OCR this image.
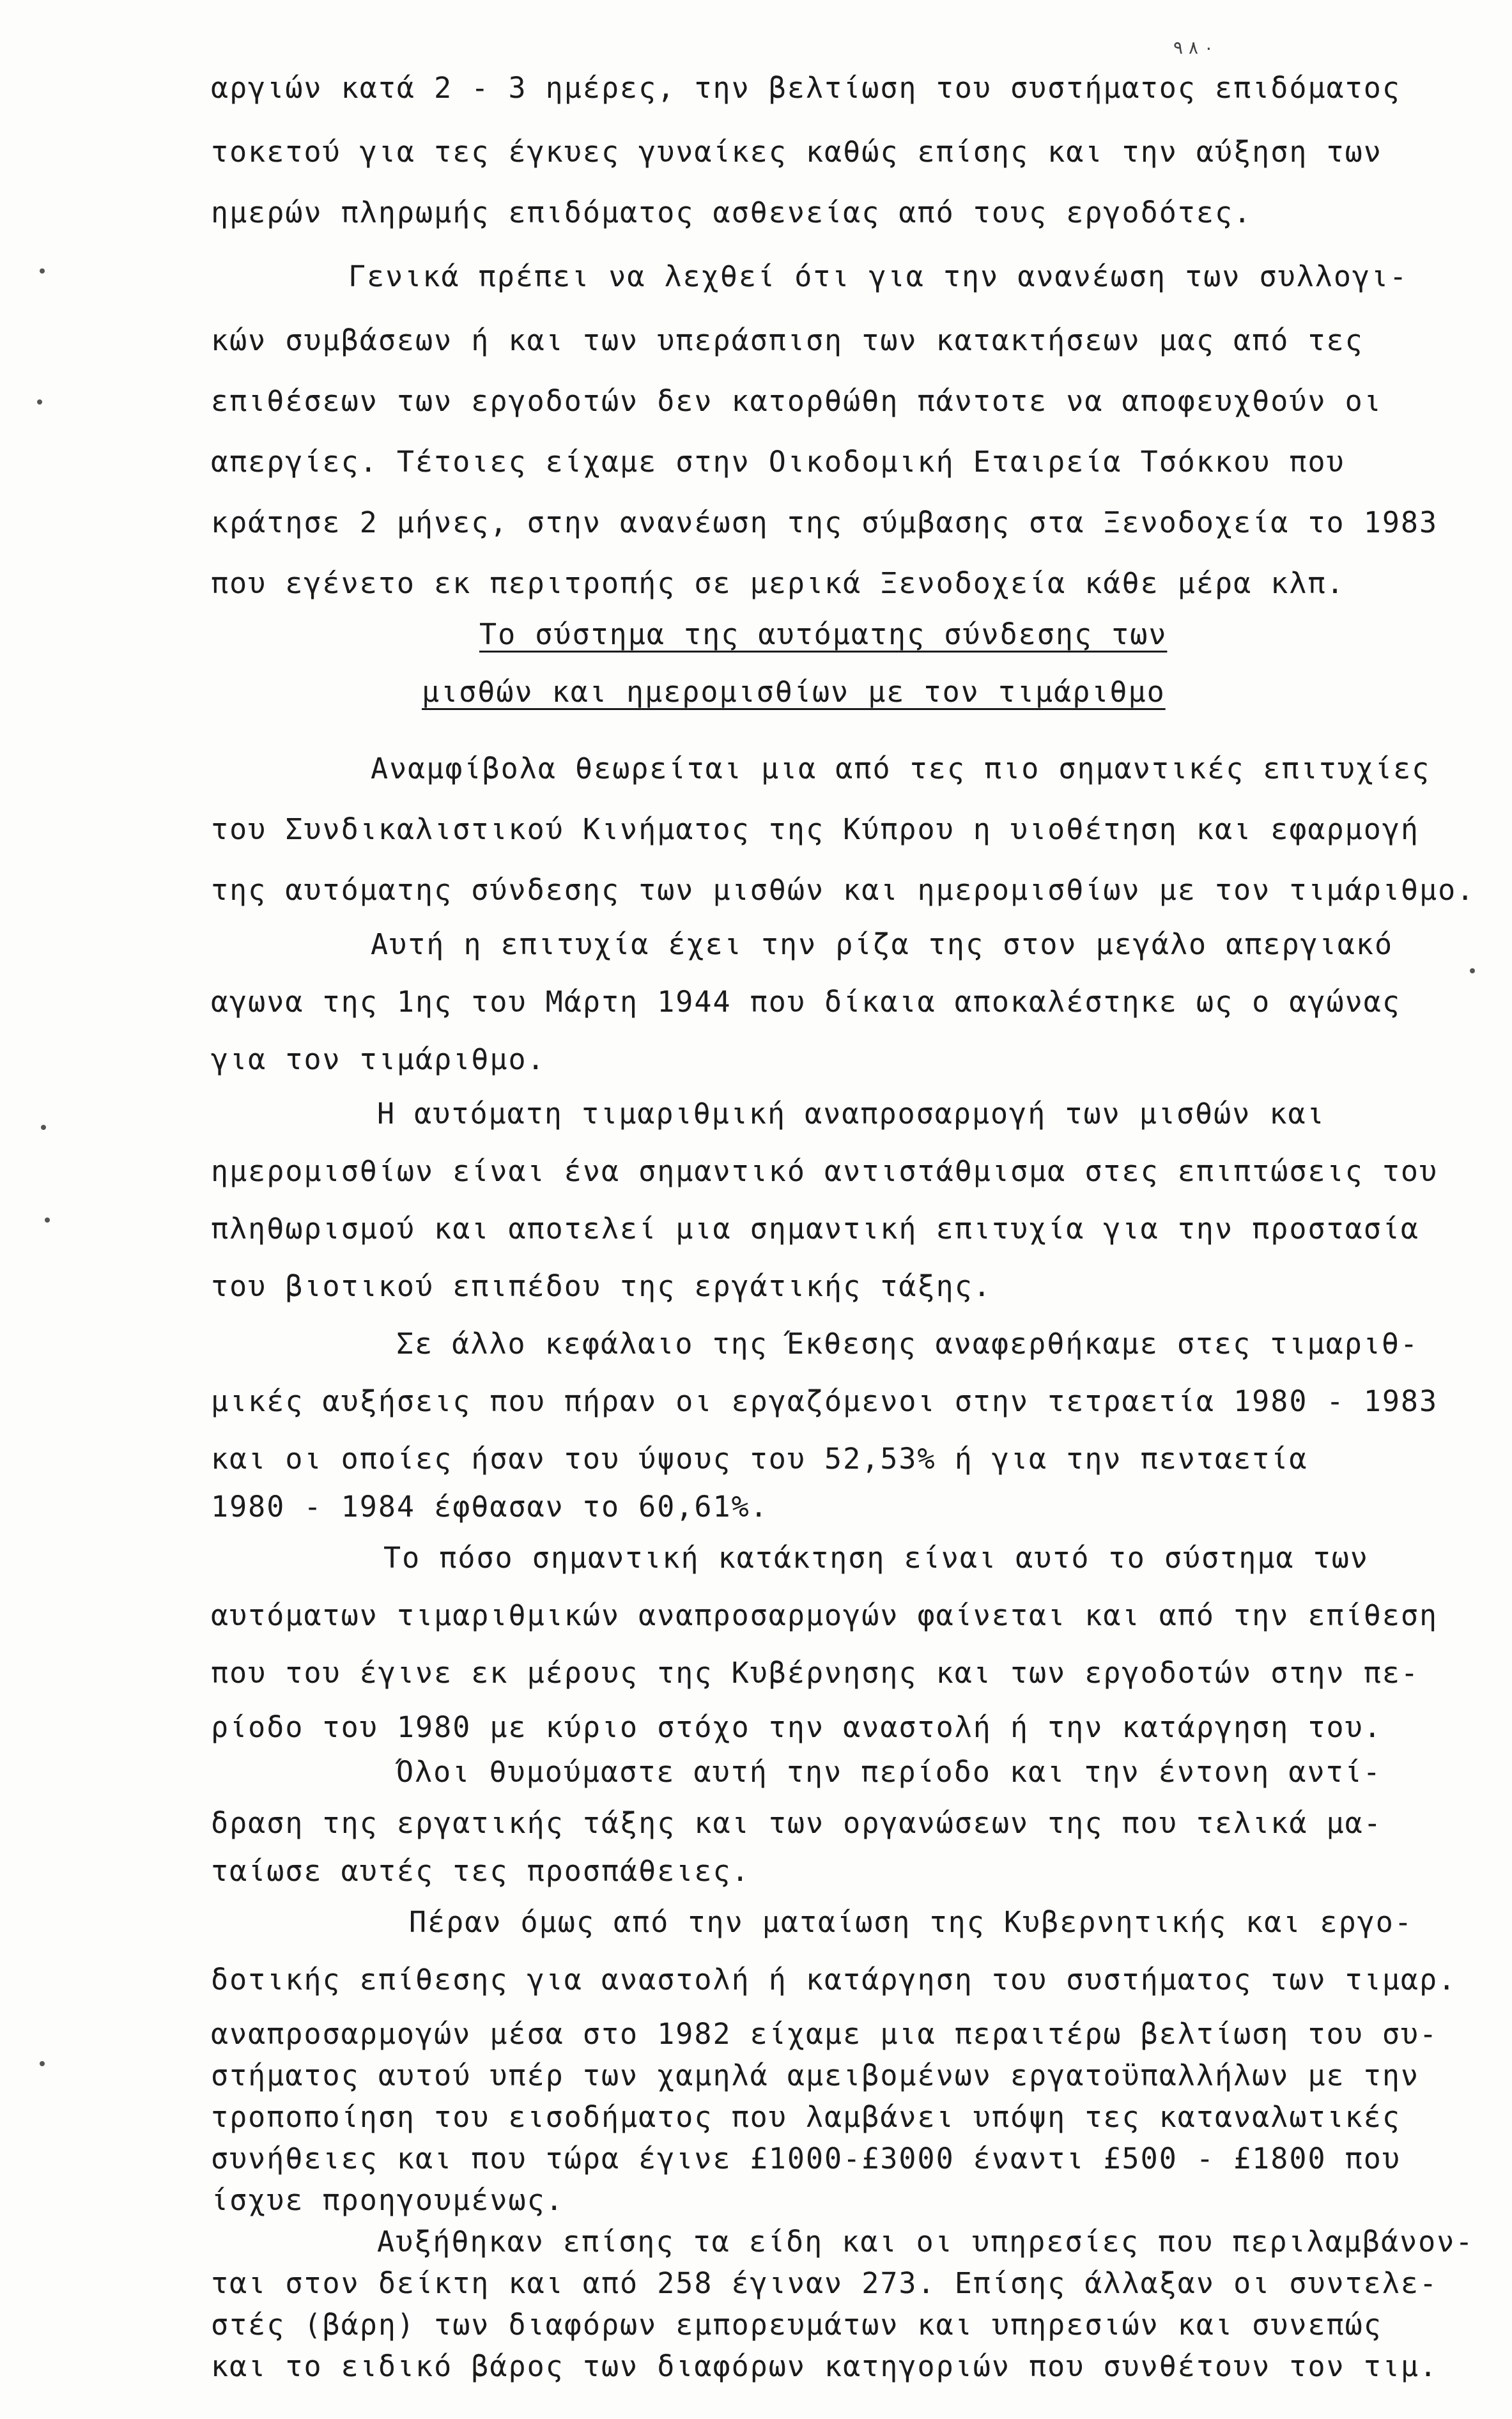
۹ ۸ ۰
αργιών κατά 2 - 3 ημέρες, την βελτίωση του συστήματος επιδόματος
τοκετού για τες έγκυες γυναίκες καθώς επίσης και την αύξηση των
ημερών πληρωμής επιδόματος ασθενείας από τους εργοδότες.
Γενικά πρέπει να λεχθεί ότι για την ανανέωση των συλλογι-
κών συμβάσεων ή και των υπεράσπιση των κατακτήσεων μας από τες
επιθέσεων των εργοδοτών δεν κατορθώθη πάντοτε να αποφευχθούν οι
απεργίες. Τέτοιες είχαμε στην Οικοδομική Εταιρεία Τσόκκου που
κράτησε 2 μήνες, στην ανανέωση της σύμβασης στα Ξενοδοχεία το 1983
που εγένετο εκ περιτροπής σε μερικά Ξενοδοχεία κάθε μέρα κλπ.
Το σύστημα της αυτόματης σύνδεσης των
μισθών και ημερομισθίων με τον τιμάριθμο
Αναμφίβολα θεωρείται μια από τες πιο σημαντικές επιτυχίες
του Συνδικαλιστικού Κινήματος της Κύπρου η υιοθέτηση και εφαρμογή
της αυτόματης σύνδεσης των μισθών και ημερομισθίων με τον τιμάριθμο.
Αυτή η επιτυχία έχει την ρίζα της στον μεγάλο απεργιακό
αγωνα της 1ης του Μάρτη 1944 που δίκαια αποκαλέστηκε ως ο αγώνας
για τον τιμάριθμο.
Η αυτόματη τιμαριθμική αναπροσαρμογή των μισθών και
ημερομισθίων είναι ένα σημαντικό αντιστάθμισμα στες επιπτώσεις του
πληθωρισμού και αποτελεί μια σημαντική επιτυχία για την προστασία
του βιοτικού επιπέδου της εργάτικής τάξης.
Σε άλλο κεφάλαιο της Έκθεσης αναφερθήκαμε στες τιμαριθ-
μικές αυξήσεις που πήραν οι εργαζόμενοι στην τετραετία 1980 - 1983
και οι οποίες ήσαν του ύψους του 52,53% ή για την πενταετία
1980 - 1984 έφθασαν το 60,61%.
Το πόσο σημαντική κατάκτηση είναι αυτό το σύστημα των
αυτόματων τιμαριθμικών αναπροσαρμογών φαίνεται και από την επίθεση
που του έγινε εκ μέρους της Κυβέρνησης και των εργοδοτών στην πε-
ρίοδο του 1980 με κύριο στόχο την αναστολή ή την κατάργηση του.
Όλοι θυμούμαστε αυτή την περίοδο και την έντονη αντί-
δραση της εργατικής τάξης και των οργανώσεων της που τελικά μα-
ταίωσε αυτές τες προσπάθειες.
Πέραν όμως από την ματαίωση της Κυβερνητικής και εργο-
δοτικής επίθεσης για αναστολή ή κατάργηση του συστήματος των τιμαρ.
αναπροσαρμογών μέσα στο 1982 είχαμε μια περαιτέρω βελτίωση του συ-
στήματος αυτού υπέρ των χαμηλά αμειβομένων εργατοϋπαλλήλων με την
τροποποίηση του εισοδήματος που λαμβάνει υπόψη τες καταναλωτικές
συνήθειες και που τώρα έγινε £1000-£3000 έναντι £500 - £1800 που
ίσχυε προηγουμένως.
Αυξήθηκαν επίσης τα είδη και οι υπηρεσίες που περιλαμβάνον-
ται στον δείκτη και από 258 έγιναν 273. Επίσης άλλαξαν οι συντελε-
στές (βάρη) των διαφόρων εμπορευμάτων και υπηρεσιών και συνεπώς
και το ειδικό βάρος των διαφόρων κατηγοριών που συνθέτουν τον τιμ.
